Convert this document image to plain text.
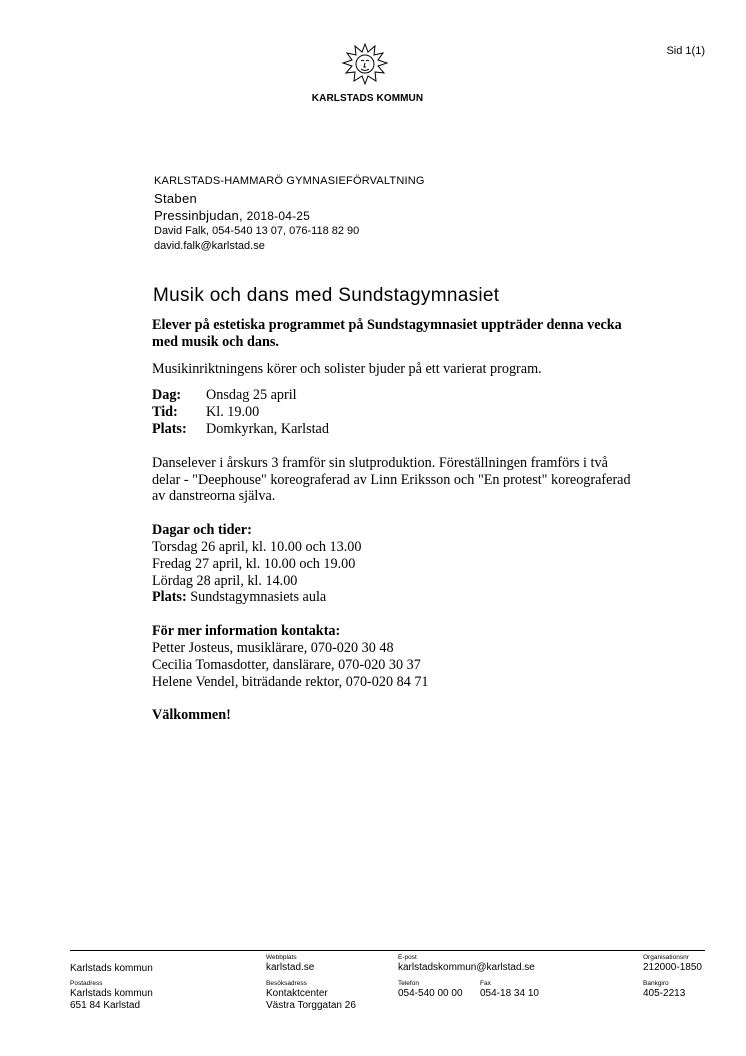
Sid 1(1)
KARLSTADS KOMMUN
KARLSTADS-HAMMARÖ GYMNASIEFÖRVALTNING
Staben
Pressinbjudan, 2018-04-25
David Falk, 054-540 13 07, 076-118 82 90
david.falk@karlstad.se
Musik och dans med Sundstagymnasiet

Elever på estetiska programmet på Sundstagymnasiet uppträder denna vecka med musik och dans.

Musikinriktningens körer och solister bjuder på ett varierat program.

Dag:	Onsdag 25 april
Tid:	Kl. 19.00
Plats:	Domkyrkan, Karlstad

Danselever i årskurs 3 framför sin slutproduktion. Föreställningen framförs i två delar - "Deephouse" koreograferad av Linn Eriksson och "En protest" koreograferad av danstreorna själva.

Dagar och tider:

Torsdag 26 april, kl. 10.00 och 13.00

Fredag 27 april, kl. 10.00 och 19.00

Lördag 28 april, kl. 14.00

Plats: Sundstagymnasiets aula

För mer information kontakta:

Petter Josteus, musiklärare, 070-020 30 48

Cecilia Tomasdotter, danslärare, 070-020 30 37

Helene Vendel, biträdande rektor, 070-020 84 71

Välkommen!

Karlstads kommun
Webbplats
karlstad.se
E-post
karlstadskommun@karlstad.se
Organisationsnr
212000-1850
Postadress
Karlstads kommun
651 84 Karlstad
Besöksadress
Kontaktcenter
Västra Torggatan 26
Telefon
054-540 00 00
Fax
054-18 34 10
Bankgiro
405-2213
